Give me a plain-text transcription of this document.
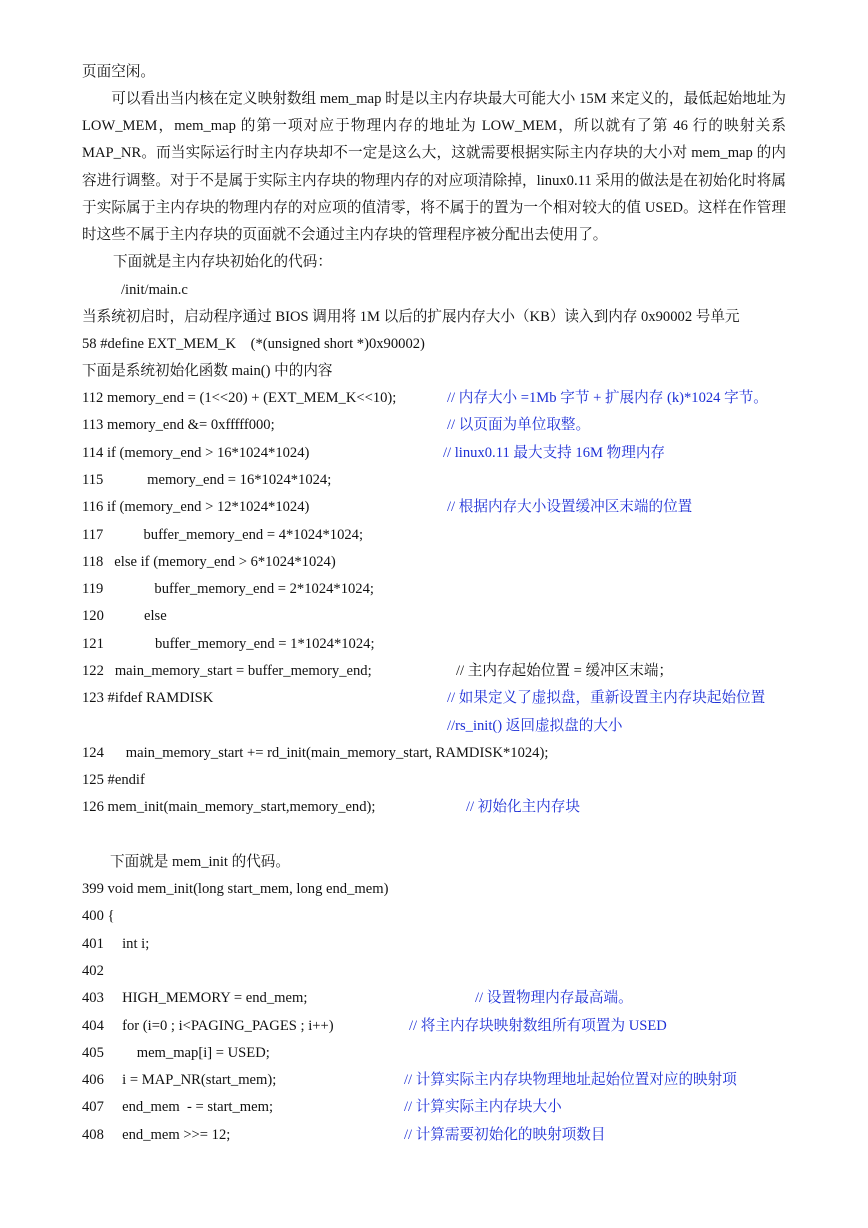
页面空闲。
可以看出当内核在定义映射数组 mem_map 时是以主内存块最大可能大小 15M 来定义的，最低起始地址为 LOW_MEM，mem_map 的第一项对应于物理内存的地址为 LOW_MEM，所以就有了第 46 行的映射关系 MAP_NR。而当实际运行时主内存块却不一定是这么大，这就需要根据实际主内存块的大小对 mem_map 的内容进行调整。对于不是属于实际主内存块的物理内存的对应项清除掉，linux0.11 采用的做法是在初始化时将属于实际属于主内存块的物理内存的对应项的值清零，将不属于的置为一个相对较大的值 USED。这样在作管理时这些不属于主内存块的页面就不会通过主内存块的管理程序被分配出去使用了。
下面就是主内存块初始化的代码：
/init/main.c
当系统初启时，启动程序通过 BIOS 调用将 1M 以后的扩展内存大小（KB）读入到内存 0x90002 号单元
58 #define EXT_MEM_K    (*(unsigned short *)0x90002)
下面是系统初始化函数 main() 中的内容
112 memory_end = (1<<20) + (EXT_MEM_K<<10);	// 内存大小 =1Mb 字节 + 扩展内存 (k)*1024 字节。
113 memory_end &= 0xfffff000;	// 以页面为单位取整。
114 if (memory_end > 16*1024*1024)	// linux0.11 最大支持 16M 物理内存
115            memory_end = 16*1024*1024;
116 if (memory_end > 12*1024*1024)	// 根据内存大小设置缓冲区末端的位置
117           buffer_memory_end = 4*1024*1024;
118   else if (memory_end > 6*1024*1024)
119              buffer_memory_end = 2*1024*1024;
120           else
121              buffer_memory_end = 1*1024*1024;
122   main_memory_start = buffer_memory_end;	// 主内存起始位置 = 缓冲区末端；
123 #ifdef RAMDISK	// 如果定义了虚拟盘，重新设置主内存块起始位置
//rs_init() 返回虚拟盘的大小
124      main_memory_start += rd_init(main_memory_start, RAMDISK*1024);
125 #endif
126 mem_init(main_memory_start,memory_end);	// 初始化主内存块
下面就是 mem_init 的代码。
399 void mem_init(long start_mem, long end_mem)
400 {
401     int i;
402
403     HIGH_MEMORY = end_mem;	// 设置物理内存最高端。
404     for (i=0 ; i<PAGING_PAGES ; i++)	// 将主内存块映射数组所有项置为 USED
405         mem_map[i] = USED;
406     i = MAP_NR(start_mem);	// 计算实际主内存块物理地址起始位置对应的映射项
407     end_mem  - = start_mem;	// 计算实际主内存块大小
408     end_mem >>= 12;	// 计算需要初始化的映射项数目
